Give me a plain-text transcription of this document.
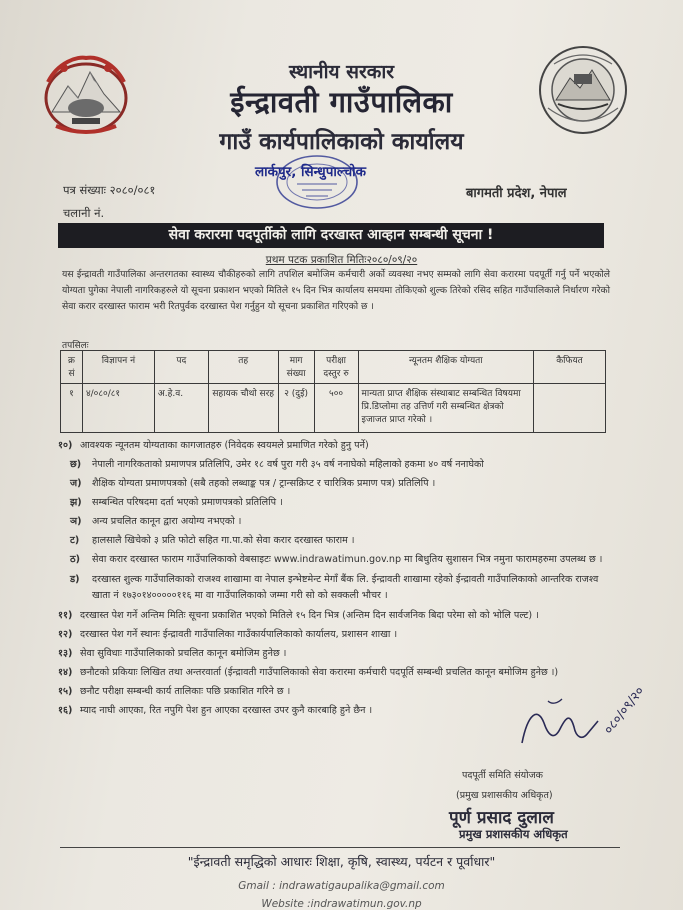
स्थानीय सरकार
ईन्द्रावती गाउँपालिका
गाउँ कार्यपालिकाको कार्यालय
लार्कपुर, सिन्धुपाल्चोक
पत्र संख्याः २०८०/०८१
चलानी नं.
बागमती प्रदेश, नेपाल
सेवा करारमा पदपूर्तीको लागि दरखास्त आव्हान सम्बन्धी सूचना !
प्रथम पटक प्रकाशित मितिः२०८०/०९/२०
यस ईन्द्रावती गाउँपालिका अन्तरगतका स्वास्थ्य चौकीहरुको लागि तपशिल बमोजिम कर्मचारी अर्को व्यवस्था नभए सम्मको लागि सेवा करारमा पदपूर्ती गर्नु पर्ने भएकोले योग्यता पुगेका नेपाली नागरिकहरुले यो सूचना प्रकाशन भएको मितिले १५ दिन भित्र कार्यालय समयमा तोकिएको शुल्क तिरेको रसिद सहित गाउँपालिकाले निर्धारण गरेको सेवा करार दरखास्त फाराम भरी रितपुर्वक दरखास्त पेश गर्नुहुन यो सूचना प्रकाशित गरिएको छ ।
तपसिलः
क्र सं	विज्ञापन नं	पद	तह	माग संख्या	परीक्षा दस्तुर रु	न्यूनतम शैक्षिक योग्यता	कैफियत
१	४/०८०/८१	अ.हे.व.	सहायक चौथो सरह	२ (दुई)	५००	मान्यता प्राप्त शैक्षिक संस्थाबाट सम्बन्धित विषयमा प्रि.डिप्लोमा तह उत्तिर्ण गरी सम्बन्धित क्षेत्रको इजाजत प्राप्त गरेको ।	
१०) आवश्यक न्यूनतम योग्यताका कागजातहरु (निवेदक स्वयमले प्रमाणित गरेको हुनु पर्ने)
छ) नेपाली नागरिकताको प्रमाणपत्र प्रतिलिपि, उमेर १८ वर्ष पुरा गरी ३५ वर्ष ननाघेको महिलाको हकमा ४० वर्ष ननाघेको
ज) शैक्षिक योग्यता प्रमाणपत्रको (सबै तहको लब्धाङ्क पत्र / ट्रान्सक्रिप्ट र चारित्रिक प्रमाण पत्र) प्रतिलिपि ।
झ) सम्बन्धित परिषदमा दर्ता भएको प्रमाणपत्रको प्रतिलिपि ।
ञ) अन्य प्रचलित कानून द्वारा अयोग्य नभएको ।
ट) हालसालै खिचेको ३ प्रति फोटो सहित गा.पा.को सेवा करार दरखास्त फाराम ।
ठ) सेवा करार दरखास्त फाराम गाउँपालिकाको वेबसाइटः www.indrawatimun.gov.np मा बिधुतिय सुशासन भित्र नमुना फारामहरुमा उपलब्ध छ ।
ड) दरखास्त शुल्क गाउँपालिकाको राजश्व शाखामा वा नेपाल इन्भेष्टमेन्ट मेगाँ बैंक लि. ईन्द्रावती शाखामा रहेको ईन्द्रावती गाउँपालिकाको आन्तरिक राजश्व खाता नं १७३०१४०००००११६ मा वा गाउँपालिकाको जम्मा गरी सो को सक्कली भौचर ।
११) दरखास्त पेश गर्ने अन्तिम मितिः सूचना प्रकाशित भएको मितिले १५ दिन भित्र (अन्तिम दिन सार्वजनिक बिदा परेमा सो को भोलि पल्ट) ।
१२) दरखास्त पेश गर्ने स्थानः ईन्द्रावती गाउँपालिका गाउँकार्यपालिकाको कार्यालय, प्रशासन शाखा ।
१३) सेवा सुविधाः गाउँपालिकाको प्रचलित कानून बमोजिम हुनेछ ।
१४) छनौटको प्रकियाः लिखित तथा अन्तरवार्ता (ईन्द्रावती गाउँपालिकाको सेवा करारमा कर्मचारी पदपूर्ति सम्बन्धी प्रचलित कानून बमोजिम हुनेछ ।)
१५) छनौट परीक्षा सम्बन्धी कार्य तालिकाः पछि प्रकाशित गरिने छ ।
१६) म्याद नाघी आएका, रित नपुगि पेश हुन आएका दरखास्त उपर कुनै कारबाहि हुने छैन ।	०८०/०९/२०
पदपूर्ती समिति संयोजक
(प्रमुख प्रशासकीय अधिकृत)
पूर्ण प्रसाद दुलाल
प्रमुख प्रशासकीय अधिकृत
"ईन्द्रावती समृद्धिको आधारः शिक्षा, कृषि, स्वास्थ्य, पर्यटन र पूर्वाधार"
Gmail : indrawatigaupalika@gmail.com
Website :indrawatimun.gov.np
